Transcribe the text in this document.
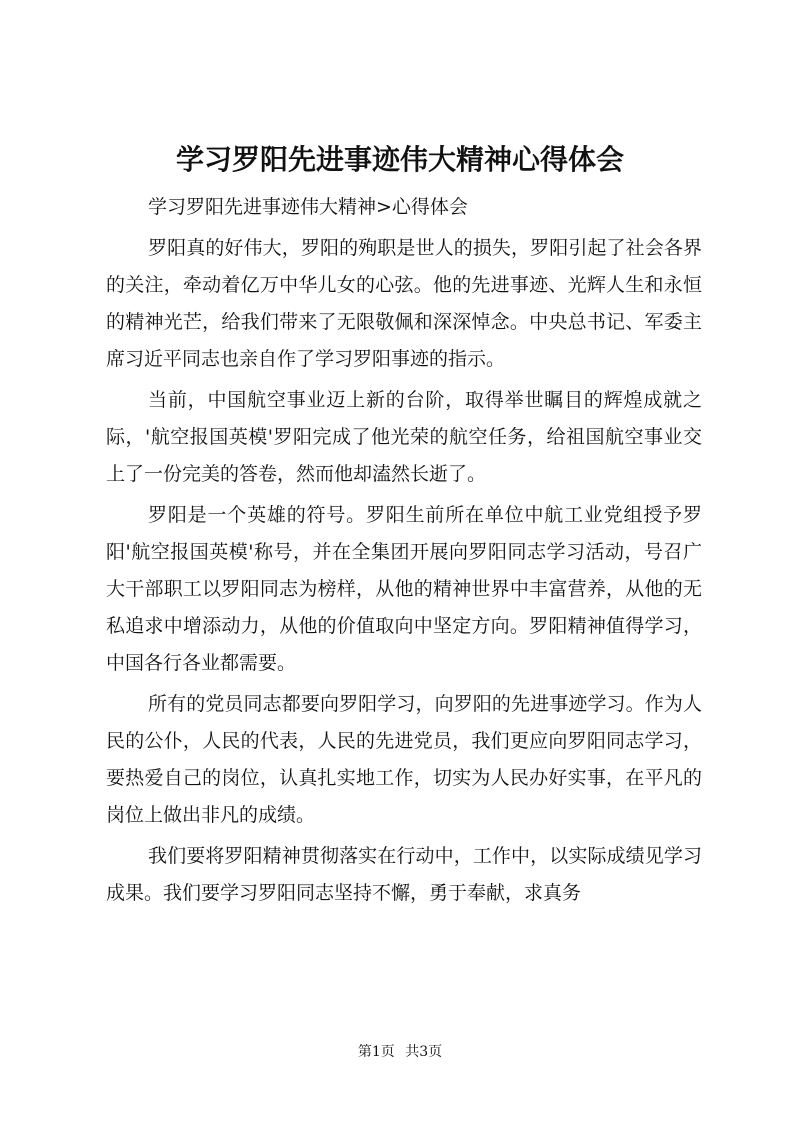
学习罗阳先进事迹伟大精神心得体会

学习罗阳先进事迹伟大精神>心得体会

罗阳真的好伟大，罗阳的殉职是世人的损失，罗阳引起了社会各界的关注，牵动着亿万中华儿女的心弦。他的先进事迹、光辉人生和永恒的精神光芒，给我们带来了无限敬佩和深深悼念。中央总书记、军委主席习近平同志也亲自作了学习罗阳事迹的指示。

当前，中国航空事业迈上新的台阶，取得举世瞩目的辉煌成就之际，'航空报国英模'罗阳完成了他光荣的航空任务，给祖国航空事业交上了一份完美的答卷，然而他却溘然长逝了。

罗阳是一个英雄的符号。罗阳生前所在单位中航工业党组授予罗阳'航空报国英模'称号，并在全集团开展向罗阳同志学习活动，号召广大干部职工以罗阳同志为榜样，从他的精神世界中丰富营养，从他的无私追求中增添动力，从他的价值取向中坚定方向。罗阳精神值得学习，中国各行各业都需要。

所有的党员同志都要向罗阳学习，向罗阳的先进事迹学习。作为人民的公仆，人民的代表，人民的先进党员，我们更应向罗阳同志学习，要热爱自己的岗位，认真扎实地工作，切实为人民办好实事，在平凡的岗位上做出非凡的成绩。

我们要将罗阳精神贯彻落实在行动中，工作中，以实际成绩见学习成果。我们要学习罗阳同志坚持不懈，勇于奉献，求真务

第1页 共3页
